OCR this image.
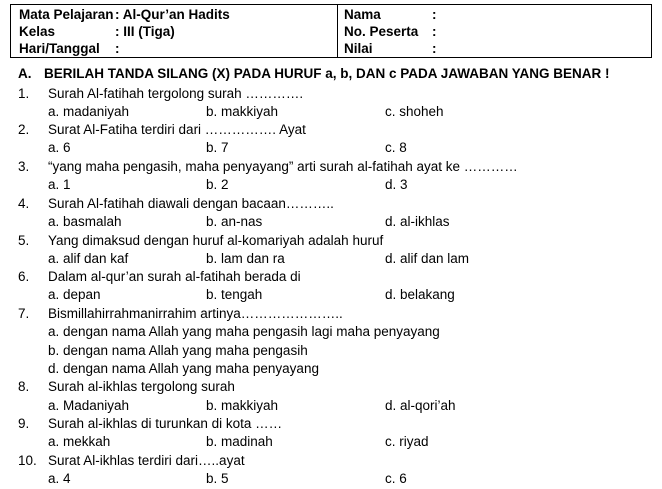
Mata Pelajaran: Al-Qur’an Hadits
Kelas	: III (Tiga)
Hari/Tanggal :
Nama	:
No. Peserta :
Nilai	:
A. BERILAH TANDA SILANG (X) PADA HURUF a, b, DAN c PADA JAWABAN YANG BENAR !
1. Surah Al-fatihah tergolong surah ………….
a. madaniyah	b. makkiyah	c. shoheh
2. Surat Al-Fatiha terdiri dari ……………. Ayat
a. 6	b. 7	c. 8
3. “yang maha pengasih, maha penyayang” arti surah al-fatihah ayat ke …………
a. 1	b. 2	d. 3
4. Surah Al-fatihah diawali dengan bacaan………..
a. basmalah	b. an-nas	d. al-ikhlas
5. Yang dimaksud dengan huruf al-komariyah adalah huruf
a. alif dan kaf	b. lam dan ra	d. alif dan lam
6. Dalam al-qur’an surah al-fatihah berada di
a. depan	b. tengah	d. belakang
7. Bismillahirrahmanirrahim artinya…………………..
a. dengan nama Allah yang maha pengasih lagi maha penyayang
b. dengan nama Allah yang maha pengasih
d. dengan nama Allah yang maha penyayang
8. Surah al-ikhlas tergolong surah
a. Madaniyah	b. makkiyah	d. al-qori’ah
9. Surah al-ikhlas di turunkan di kota ……
a. mekkah	b. madinah	c. riyad
10. Surat Al-ikhlas terdiri dari…..ayat
a. 4	b. 5	c. 6
